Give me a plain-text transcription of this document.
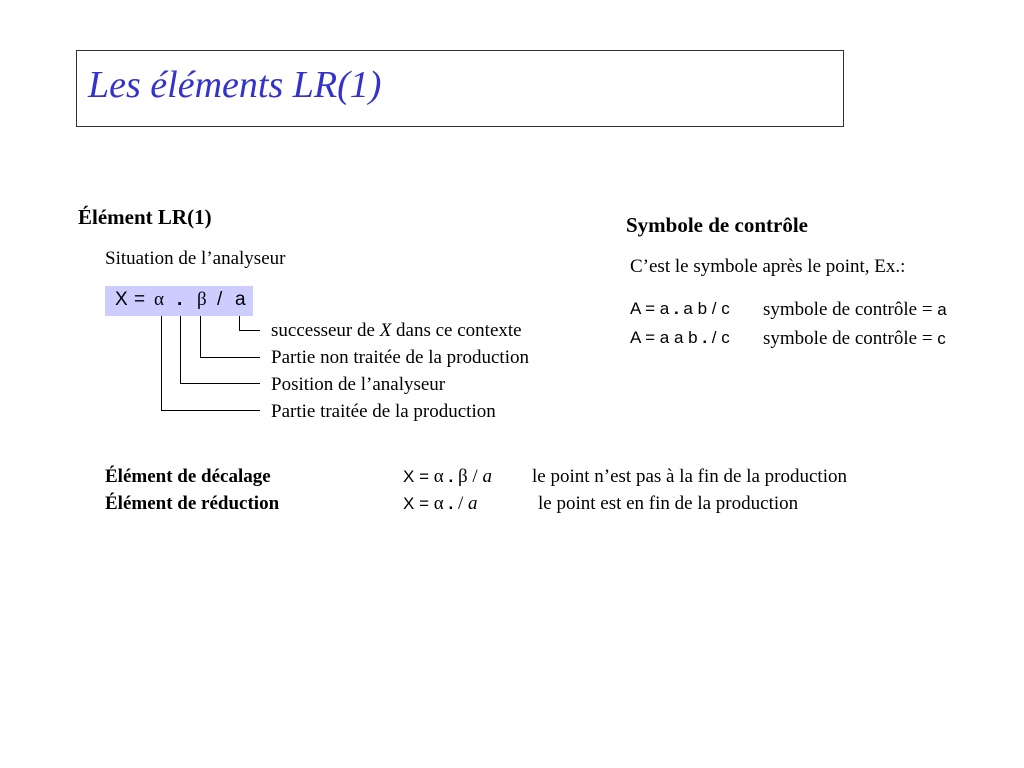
Les éléments LR(1)
Élément LR(1)
Situation de l’analyseur
X = α . β / a
successeur de X dans ce contexte
Partie non traitée de la production
Position de l’analyseur
Partie traitée de la production
Symbole de contrôle
C’est le symbole après le point, Ex.:
A = a . a b / c symbole de contrôle = a
A = a a b . / c symbole de contrôle = c
Élément de décalage	X = α . β / a le point n’est pas à la fin de la production
Élément de réduction	X = α . / a	le point est en fin de la production
